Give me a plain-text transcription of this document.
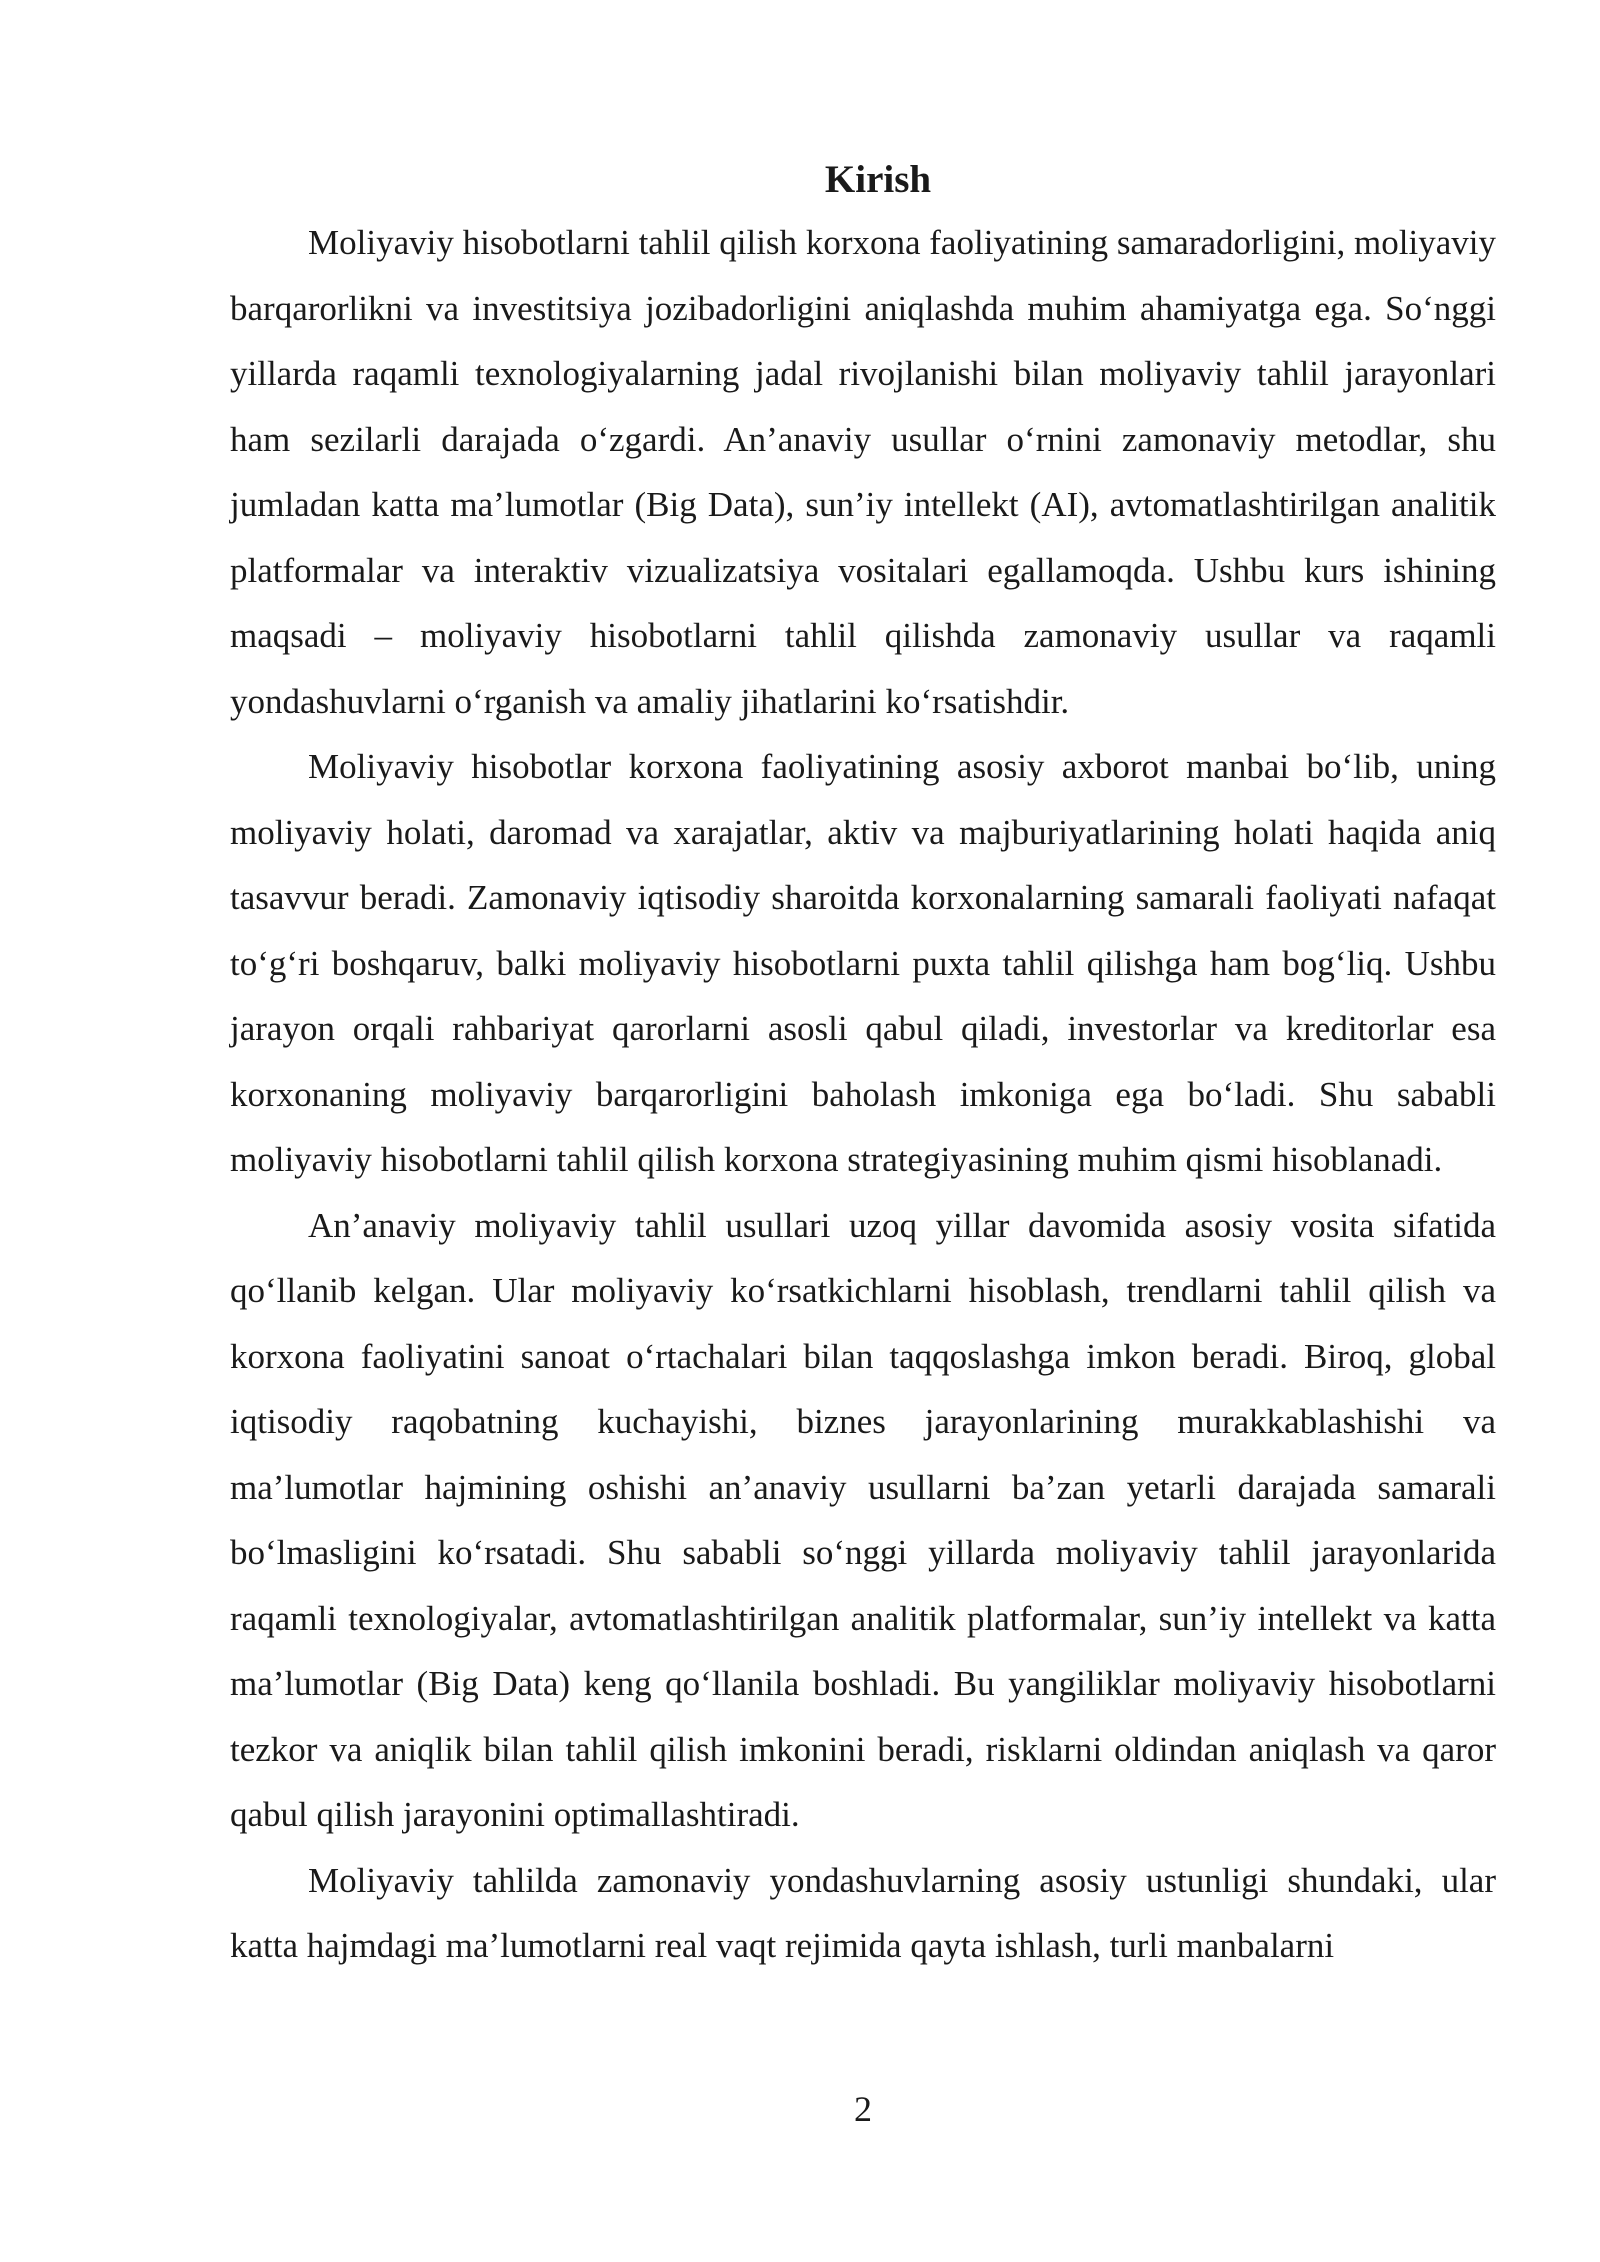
Kirish

Moliyaviy hisobotlarni tahlil qilish korxona faoliyatining samaradorligini, moliyaviy barqarorlikni va investitsiya jozibadorligini aniqlashda muhim ahamiyatga ega. So‘nggi yillarda raqamli texnologiyalarning jadal rivojlanishi bilan moliyaviy tahlil jarayonlari ham sezilarli darajada o‘zgardi. An’anaviy usullar o‘rnini zamonaviy metodlar, shu jumladan katta ma’lumotlar (Big Data), sun’iy intellekt (AI), avtomatlashtirilgan analitik platformalar va interaktiv vizualizatsiya vositalari egallamoqda. Ushbu kurs ishining maqsadi – moliyaviy hisobotlarni tahlil qilishda zamonaviy usullar va raqamli yondashuvlarni o‘rganish va amaliy jihatlarini ko‘rsatishdir.

Moliyaviy hisobotlar korxona faoliyatining asosiy axborot manbai bo‘lib, uning moliyaviy holati, daromad va xarajatlar, aktiv va majburiyatlarining holati haqida aniq tasavvur beradi. Zamonaviy iqtisodiy sharoitda korxonalarning samarali faoliyati nafaqat to‘g‘ri boshqaruv, balki moliyaviy hisobotlarni puxta tahlil qilishga ham bog‘liq. Ushbu jarayon orqali rahbariyat qarorlarni asosli qabul qiladi, investorlar va kreditorlar esa korxonaning moliyaviy barqarorligini baholash imkoniga ega bo‘ladi. Shu sababli moliyaviy hisobotlarni tahlil qilish korxona strategiyasining muhim qismi hisoblanadi.

An’anaviy moliyaviy tahlil usullari uzoq yillar davomida asosiy vosita sifatida qo‘llanib kelgan. Ular moliyaviy ko‘rsatkichlarni hisoblash, trendlarni tahlil qilish va korxona faoliyatini sanoat o‘rtachalari bilan taqqoslashga imkon beradi. Biroq, global iqtisodiy raqobatning kuchayishi, biznes jarayonlarining murakkablashishi va ma’lumotlar hajmining oshishi an’anaviy usullarni ba’zan yetarli darajada samarali bo‘lmasligini ko‘rsatadi. Shu sababli so‘nggi yillarda moliyaviy tahlil jarayonlarida raqamli texnologiyalar, avtomatlashtirilgan analitik platformalar, sun’iy intellekt va katta ma’lumotlar (Big Data) keng qo‘llanila boshladi. Bu yangiliklar moliyaviy hisobotlarni tezkor va aniqlik bilan tahlil qilish imkonini beradi, risklarni oldindan aniqlash va qaror qabul qilish jarayonini optimallashtiradi.

Moliyaviy tahlilda zamonaviy yondashuvlarning asosiy ustunligi shundaki, ular katta hajmdagi ma’lumotlarni real vaqt rejimida qayta ishlash, turli manbalarni

2
